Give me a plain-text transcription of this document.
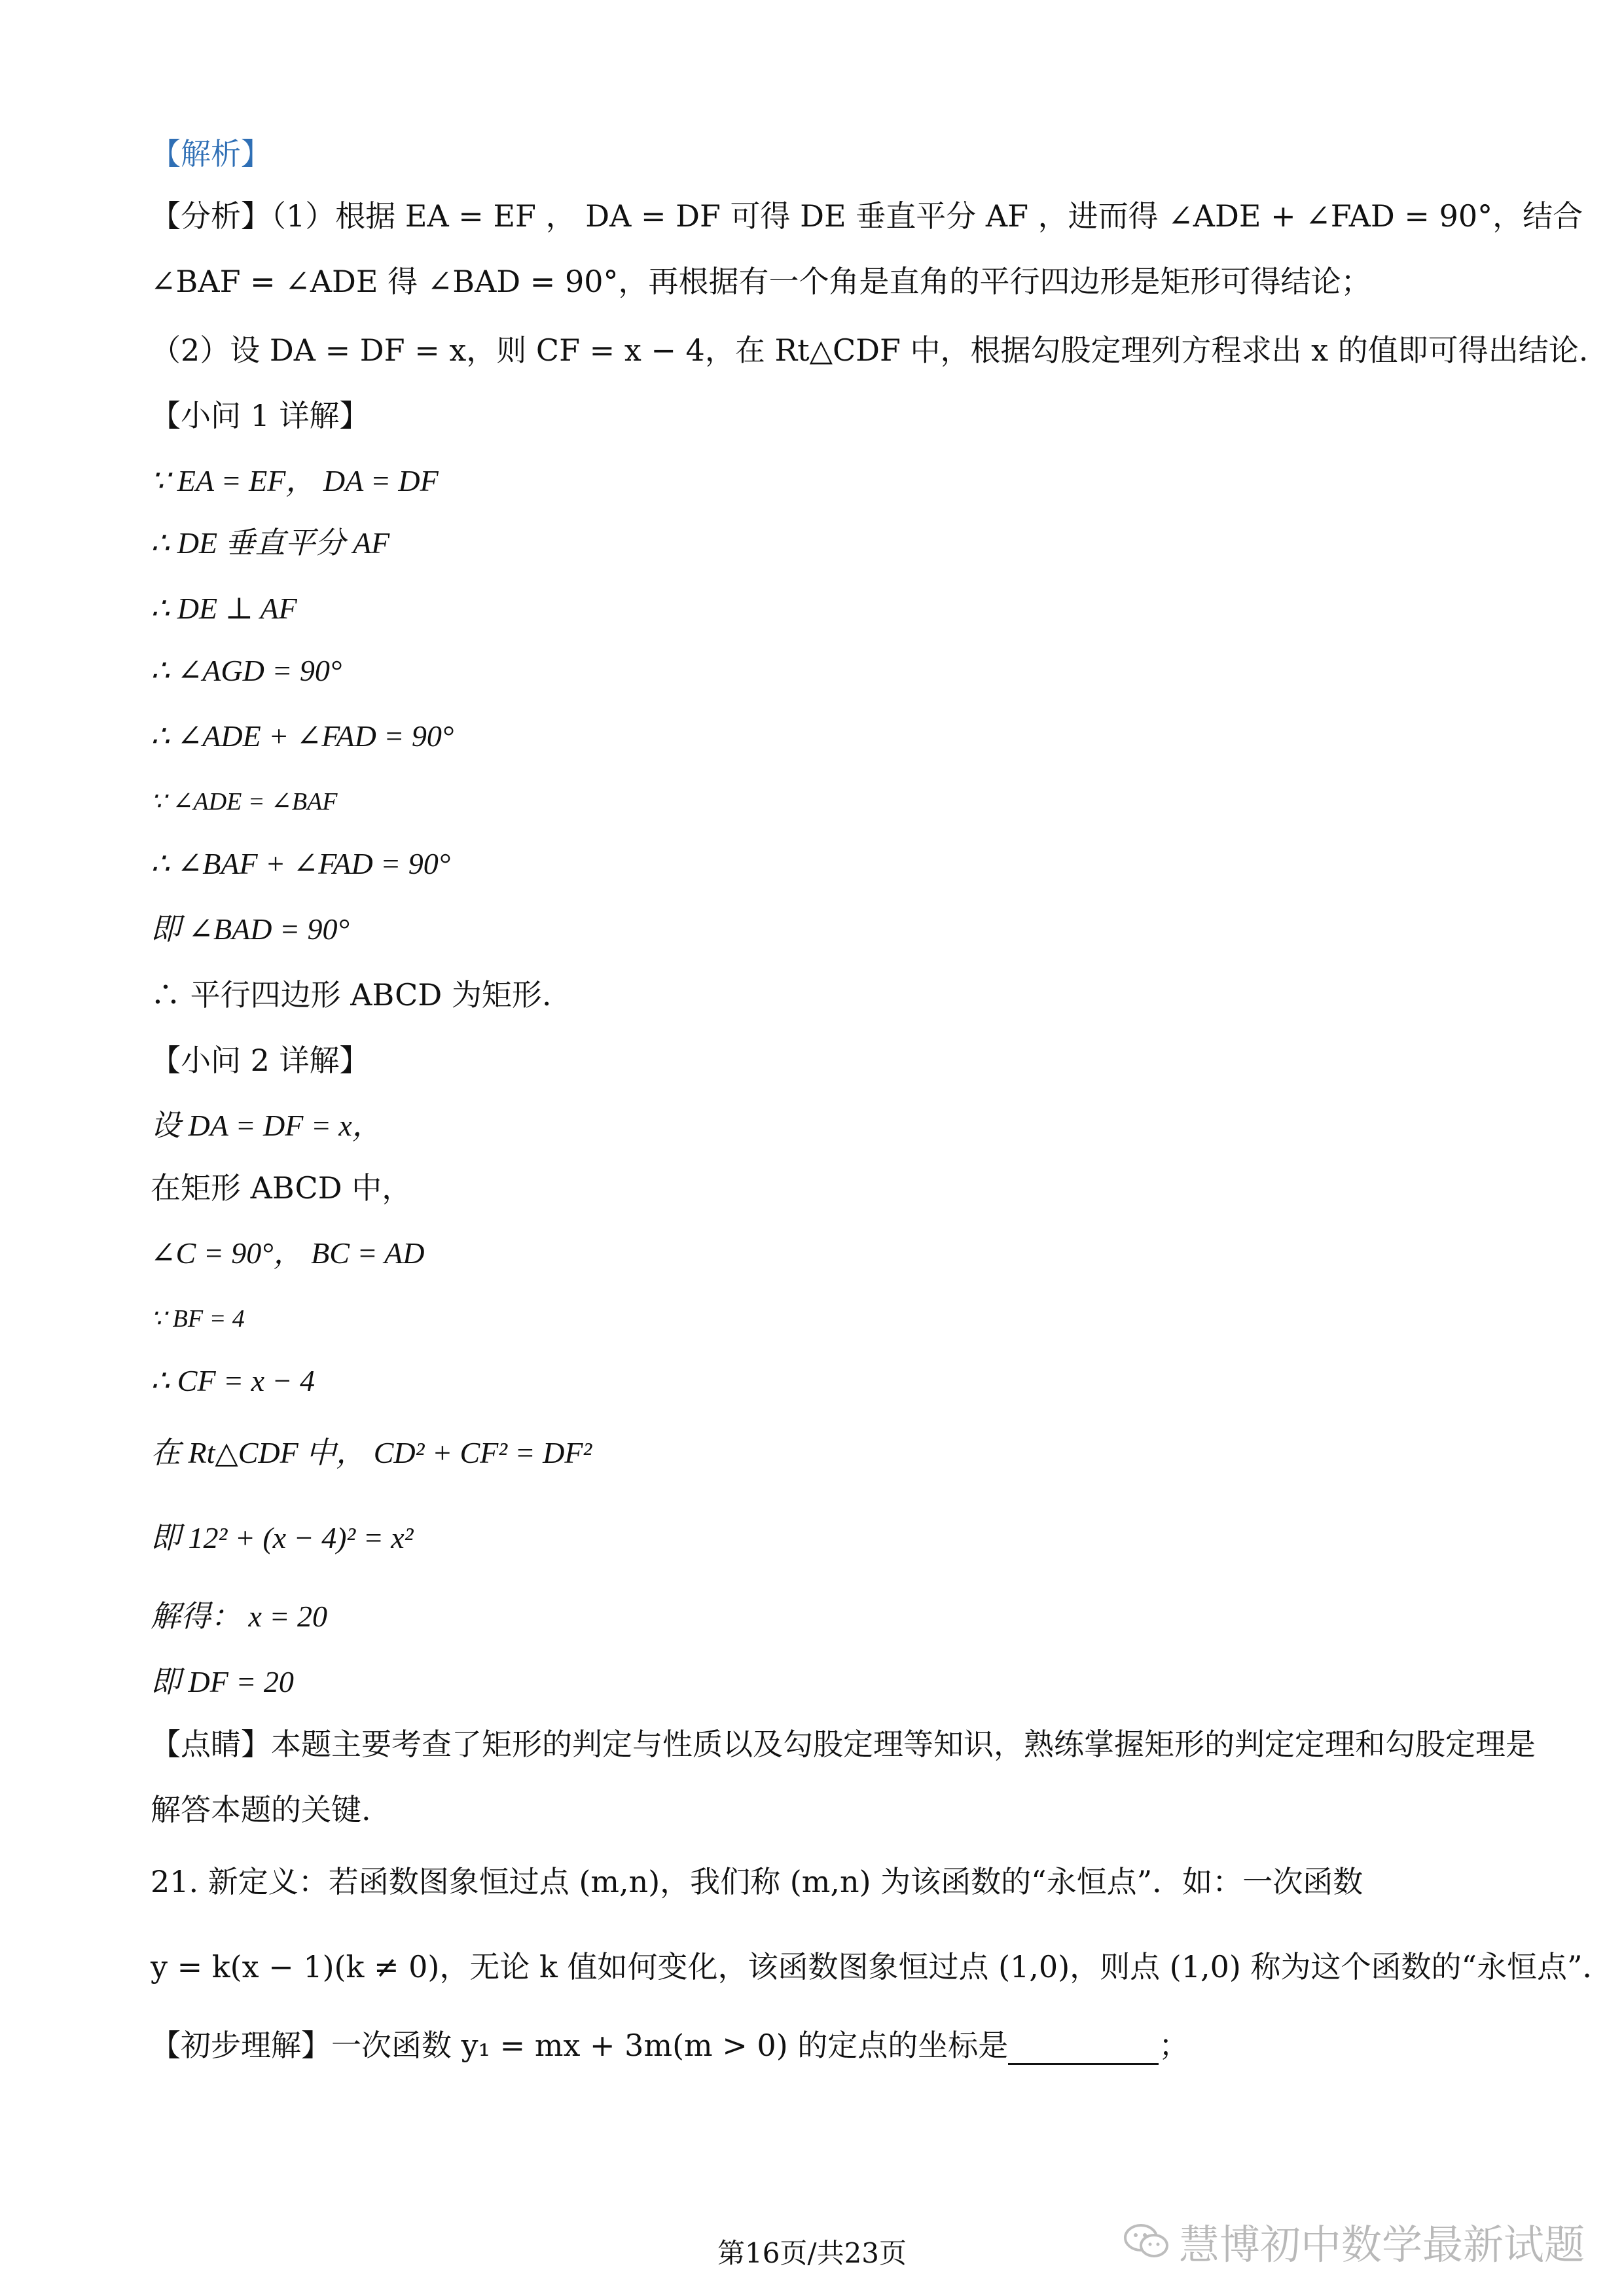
【解析】
【分析】（1）根据 EA = EF ， DA = DF 可得 DE 垂直平分 AF ，进而得 ∠ADE + ∠FAD = 90°，结合
∠BAF = ∠ADE 得 ∠BAD = 90°，再根据有一个角是直角的平行四边形是矩形可得结论；
（2）设 DA = DF = x，则 CF = x − 4，在 Rt△CDF 中，根据勾股定理列方程求出 x 的值即可得出结论.
【小问 1 详解】
∵ EA = EF， DA = DF
∴ DE 垂直平分 AF
∴ DE ⊥ AF
∴ ∠AGD = 90°
∴ ∠ADE + ∠FAD = 90°
∵ ∠ADE = ∠BAF
∴ ∠BAF + ∠FAD = 90°
即 ∠BAD = 90°
∴ 平行四边形 ABCD 为矩形.
【小问 2 详解】
设 DA = DF = x，
在矩形 ABCD 中，
∠C = 90°， BC = AD
∵ BF = 4
∴ CF = x − 4
在 Rt△CDF 中， CD² + CF² = DF²
即 12² + (x − 4)² = x²
解得： x = 20
即 DF = 20
【点睛】本题主要考查了矩形的判定与性质以及勾股定理等知识，熟练掌握矩形的判定定理和勾股定理是
解答本题的关键.
21. 新定义：若函数图象恒过点 (m,n)，我们称 (m,n) 为该函数的“永恒点”．如：一次函数
y = k(x − 1)(k ≠ 0)，无论 k 值如何变化，该函数图象恒过点 (1,0)，则点 (1,0) 称为这个函数的“永恒点”．
【初步理解】一次函数 y₁ = mx + 3m(m > 0) 的定点的坐标是	；
第16页/共23页	慧博初中数学最新试题
